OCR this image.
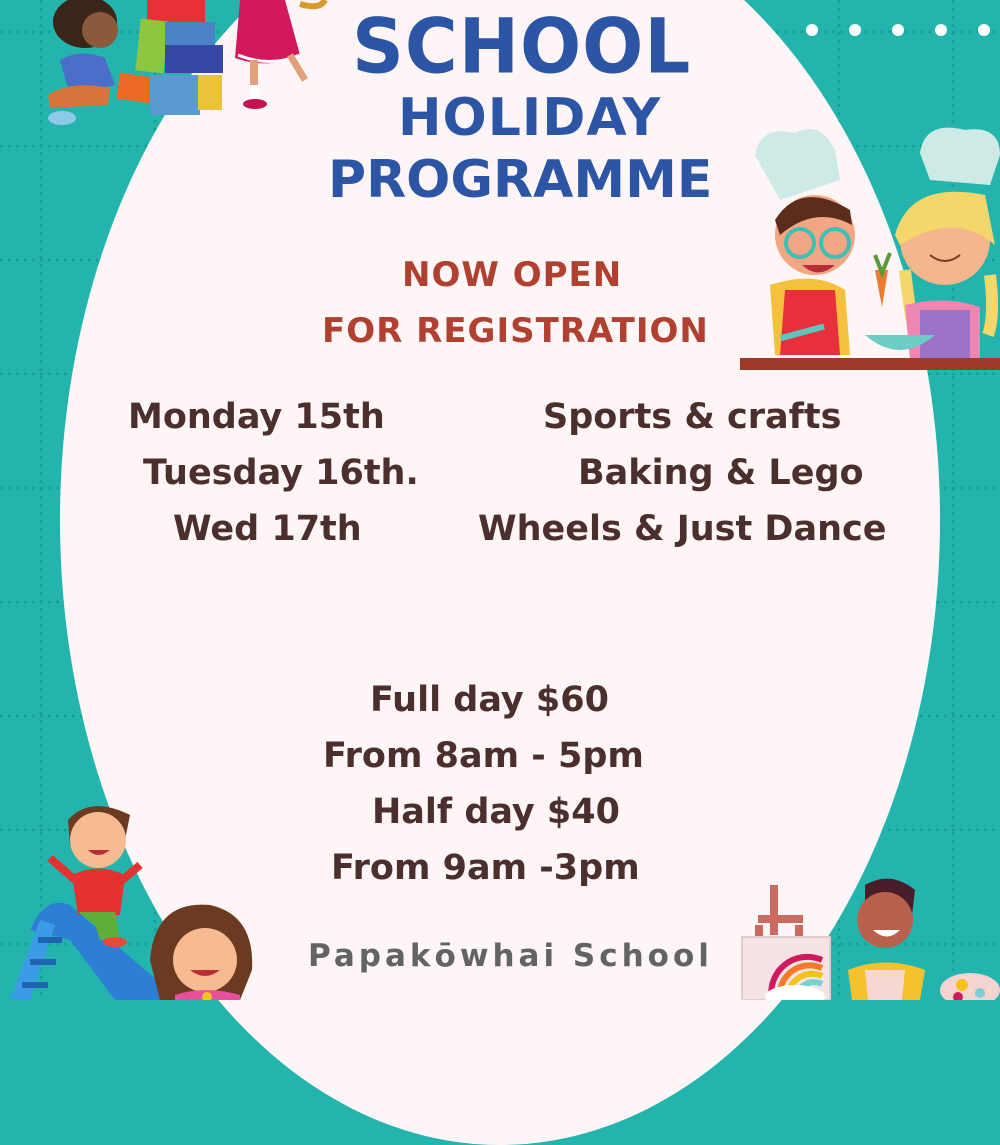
SCHOOL
HOLIDAY
PROGRAMME
NOW OPEN
FOR REGISTRATION
Monday 15th	Sports & crafts
Tuesday 16th.	Baking & Lego
Wed 17th	Wheels & Just Dance
Full day $60
From 8am - 5pm
Half day $40
From 9am -3pm
Papakōwhai School
